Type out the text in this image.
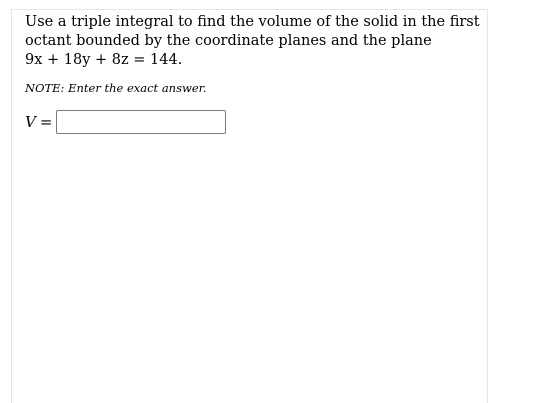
Use a triple integral to find the volume of the solid in the first
octant bounded by the coordinate planes and the plane
9x + 18y + 8z = 144.
NOTE: Enter the exact answer.
V =
